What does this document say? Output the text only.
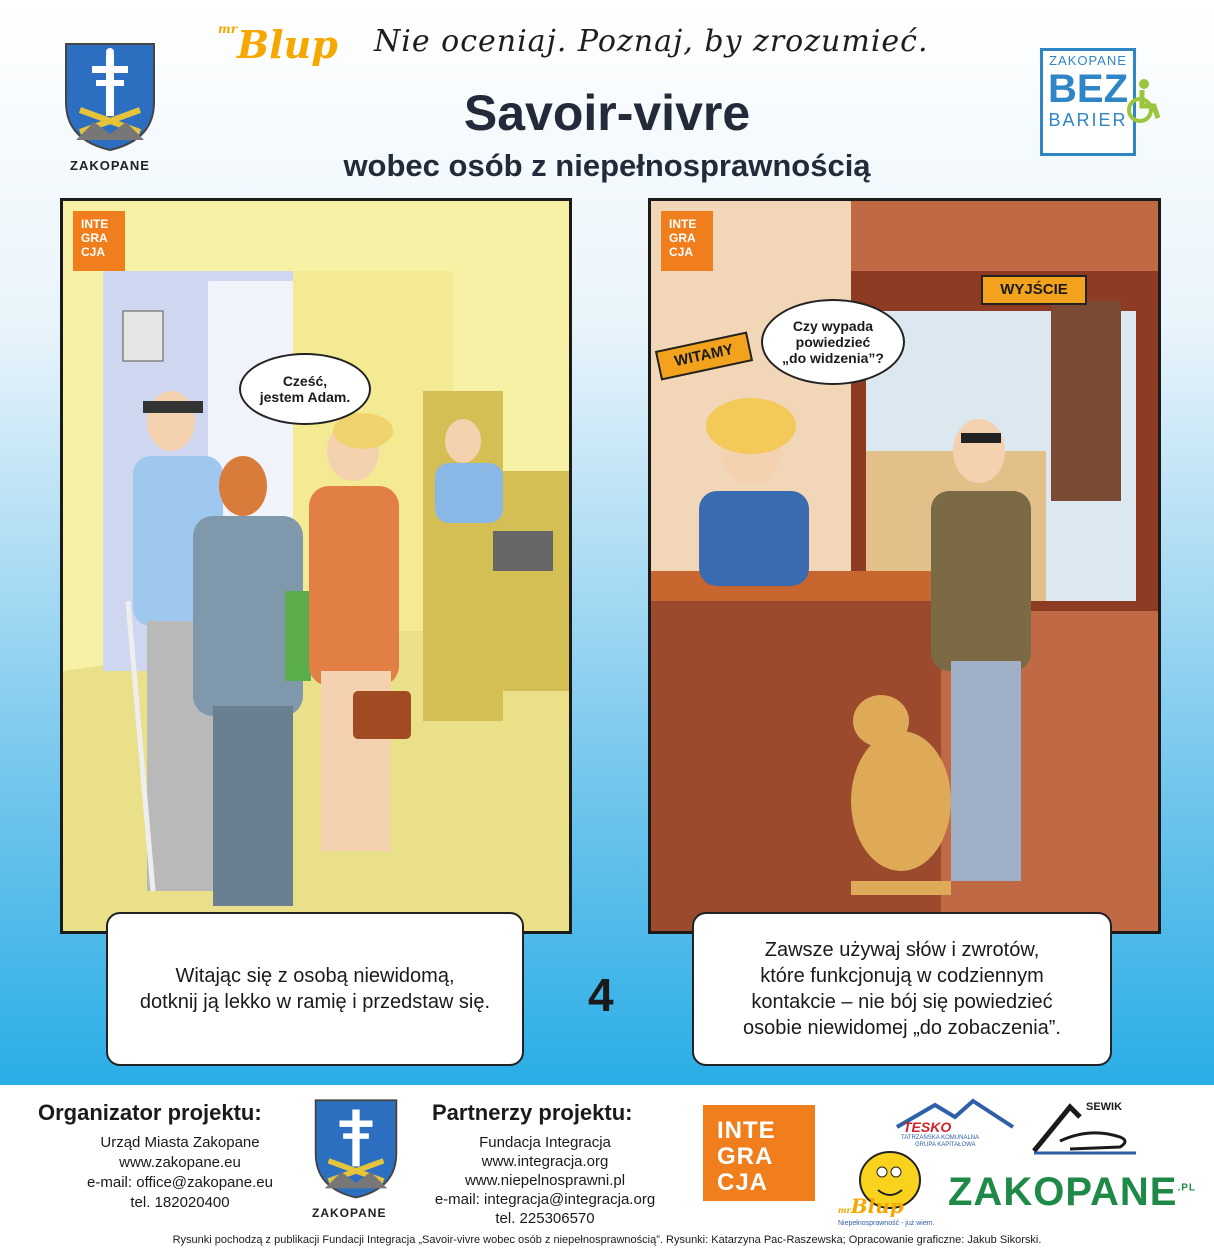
ZAKOPANE
$^{mr}$Blup Nie oceniaj. Poznaj, by zrozumieć.
Savoir-vivre
wobec osób z niepełnosprawnością
ZAKOPANE
BEZ
BARIER
INTE
GRA
CJA
Cześć,
jestem Adam.
Witając się z osobą niewidomą,
dotknij ją lekko w ramię i przedstaw się. 4
INTE
GRA
CJA
WYJŚCIE
WITAMY
Czy wypada
powiedzieć
„do widzenia”?
Zawsze używaj słów i zwrotów,
które funkcjonują w codziennym
kontakcie – nie bój się powiedzieć
osobie niewidomej „do zobaczenia”.
Organizator projektu:
Urząd Miasta Zakopane
www.zakopane.eu
e-mail: office@zakopane.eu
tel. 182020400
ZAKOPANE
Partnerzy projektu:
Fundacja Integracja
www.integracja.org
www.niepelnosprawni.pl
e-mail: integracja@integracja.org
tel. 225306570
INTE
GRA
CJA
TESKO
TATRZAŃSKA KOMUNALNA
GRUPA KAPITAŁOWA
SEWIK
mrBlup
Niepełnosprawność - już wiem.
$ZAKOPANE^{.PL}$
Rysunki pochodzą z publikacji Fundacji Integracja „Savoir-vivre wobec osób z niepełnosprawnością”. Rysunki: Katarzyna Pac-Raszewska; Opracowanie graficzne: Jakub Sikorski.
